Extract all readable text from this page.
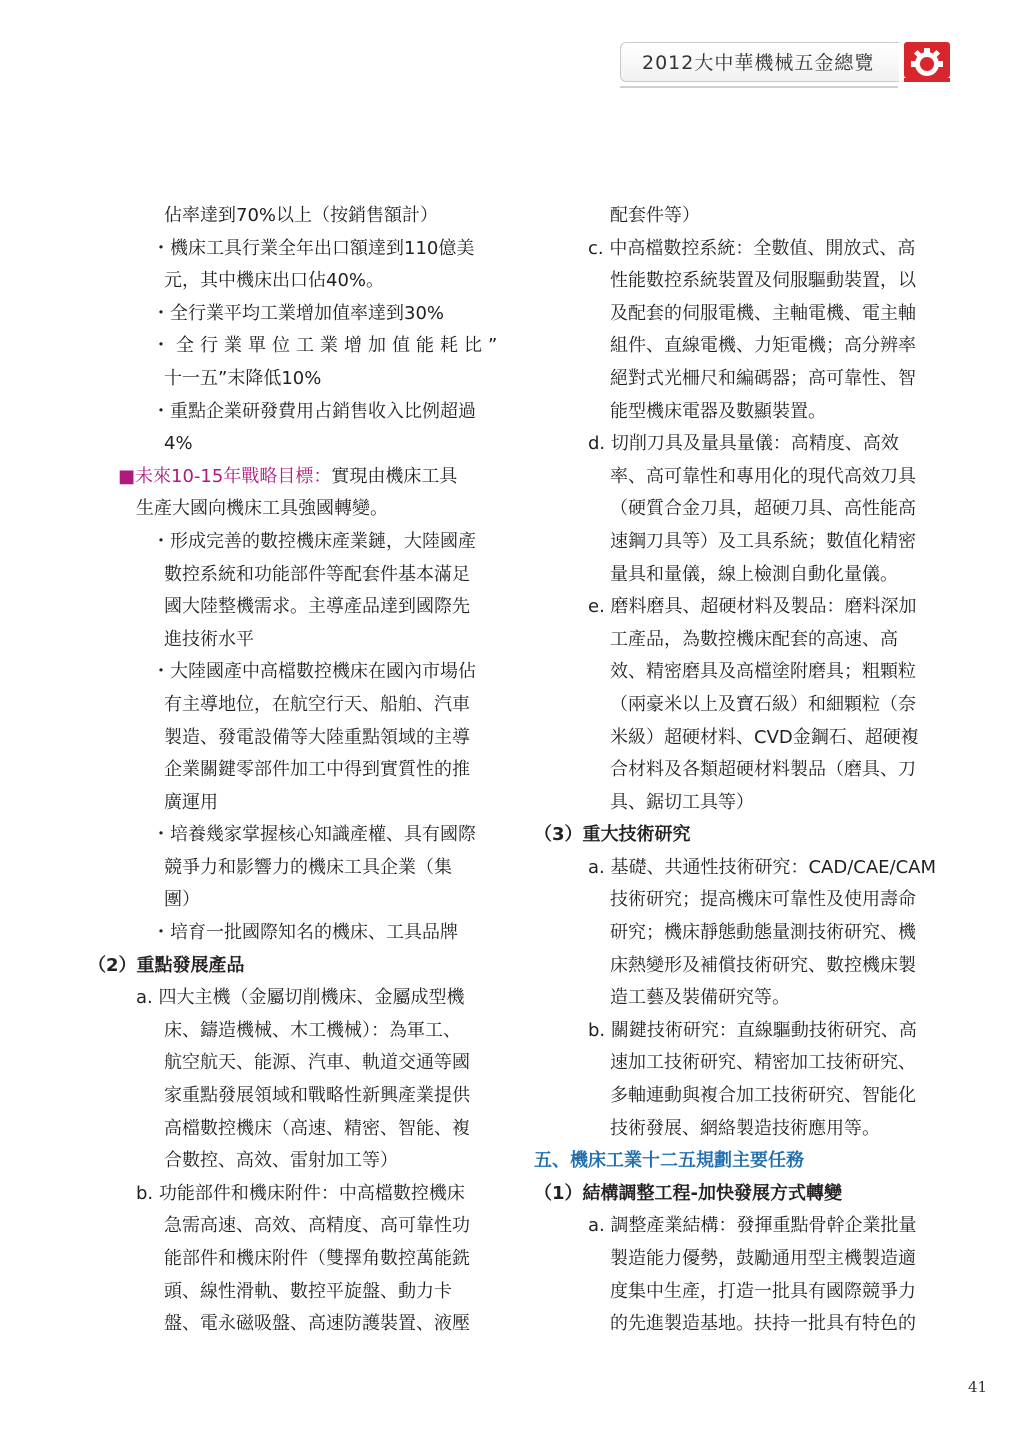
2012大中華機械五金總覽
佔率達到70%以上（按銷售額計）
・機床工具行業全年出口額達到110億美
元，其中機床出口佔40%。
・全行業平均工業增加值率達到30%
・全行業單位工業增加值能耗比”
十一五”末降低10%
・重點企業研發費用占銷售收入比例超過
4%
■未來10-15年戰略目標：實現由機床工具
生產大國向機床工具強國轉變。
・形成完善的數控機床產業鏈，大陸國產
數控系統和功能部件等配套件基本滿足
國大陸整機需求。主導產品達到國際先
進技術水平
・大陸國產中高檔數控機床在國內市場佔
有主導地位，在航空行天、船舶、汽車
製造、發電設備等大陸重點領域的主導
企業關鍵零部件加工中得到實質性的推
廣運用
・培養幾家掌握核心知識產權、具有國際
競爭力和影響力的機床工具企業（集
團）
・培育一批國際知名的機床、工具品牌
（2）重點發展產品
a. 四大主機（金屬切削機床、金屬成型機
床、鑄造機械、木工機械）：為軍工、
航空航天、能源、汽車、軌道交通等國
家重點發展領域和戰略性新興產業提供
高檔數控機床（高速、精密、智能、複
合數控、高效、雷射加工等）
b. 功能部件和機床附件：中高檔數控機床
急需高速、高效、高精度、高可靠性功
能部件和機床附件（雙擇角數控萬能銑
頭、線性滑軌、數控平旋盤、動力卡
盤、電永磁吸盤、高速防護裝置、液壓
配套件等）
c. 中高檔數控系統：全數值、開放式、高
性能數控系統裝置及伺服驅動裝置，以
及配套的伺服電機、主軸電機、電主軸
組件、直線電機、力矩電機；高分辨率
絕對式光柵尺和編碼器；高可靠性、智
能型機床電器及數顯裝置。
d. 切削刀具及量具量儀：高精度、高效
率、高可靠性和專用化的現代高效刀具
（硬質合金刀具，超硬刀具、高性能高
速鋼刀具等）及工具系統；數值化精密
量具和量儀，線上檢測自動化量儀。
e. 磨料磨具、超硬材料及製品：磨料深加
工產品，為數控機床配套的高速、高
效、精密磨具及高檔塗附磨具；粗顆粒
（兩豪米以上及寶石級）和細顆粒（奈
米級）超硬材料、CVD金鋼石、超硬複
合材料及各類超硬材料製品（磨具、刀
具、鋸切工具等）
（3）重大技術研究
a. 基礎、共通性技術研究：CAD/CAE/CAM
技術研究；提高機床可靠性及使用壽命
研究；機床靜態動態量測技術研究、機
床熱變形及補償技術研究、數控機床製
造工藝及裝備研究等。
b. 關鍵技術研究：直線驅動技術研究、高
速加工技術研究、精密加工技術研究、
多軸連動與複合加工技術研究、智能化
技術發展、網絡製造技術應用等。
五、機床工業十二五規劃主要任務
（1）結構調整工程-加快發展方式轉變
a. 調整產業結構：發揮重點骨幹企業批量
製造能力優勢，鼓勵通用型主機製造適
度集中生產，打造一批具有國際競爭力
的先進製造基地。扶持一批具有特色的
41
